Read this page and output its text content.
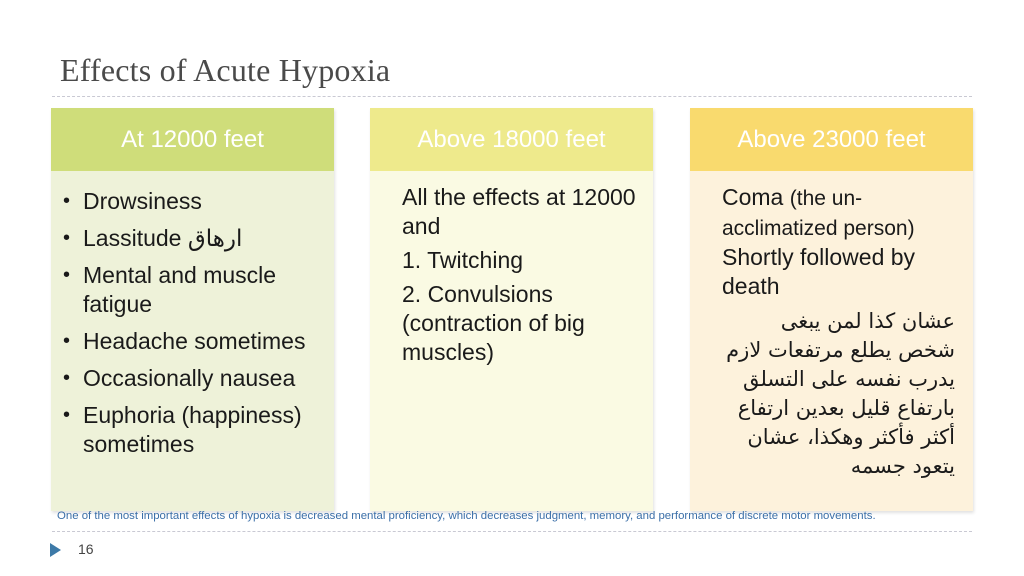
Effects of Acute Hypoxia
At 12000 feet
• Drowsiness
• Lassitude ارهاق
• Mental and muscle fatigue
• Headache sometimes
• Occasionally nausea
• Euphoria (happiness) sometimes
Above 18000 feet
All the effects at 12000 and
1. Twitching
2. Convulsions (contraction of big muscles)
Above 23000 feet
Coma (the un-acclimatized person)
Shortly followed by death
عشان كذا لمن يبغى شخص يطلع مرتفعات لازم يدرب نفسه على التسلق بارتفاع قليل بعدين ارتفاع أكثر فأكثر وهكذا، عشان يتعود جسمه
One of the most important effects of hypoxia is decreased mental proficiency, which decreases judgment, memory, and performance of discrete motor movements.
16
